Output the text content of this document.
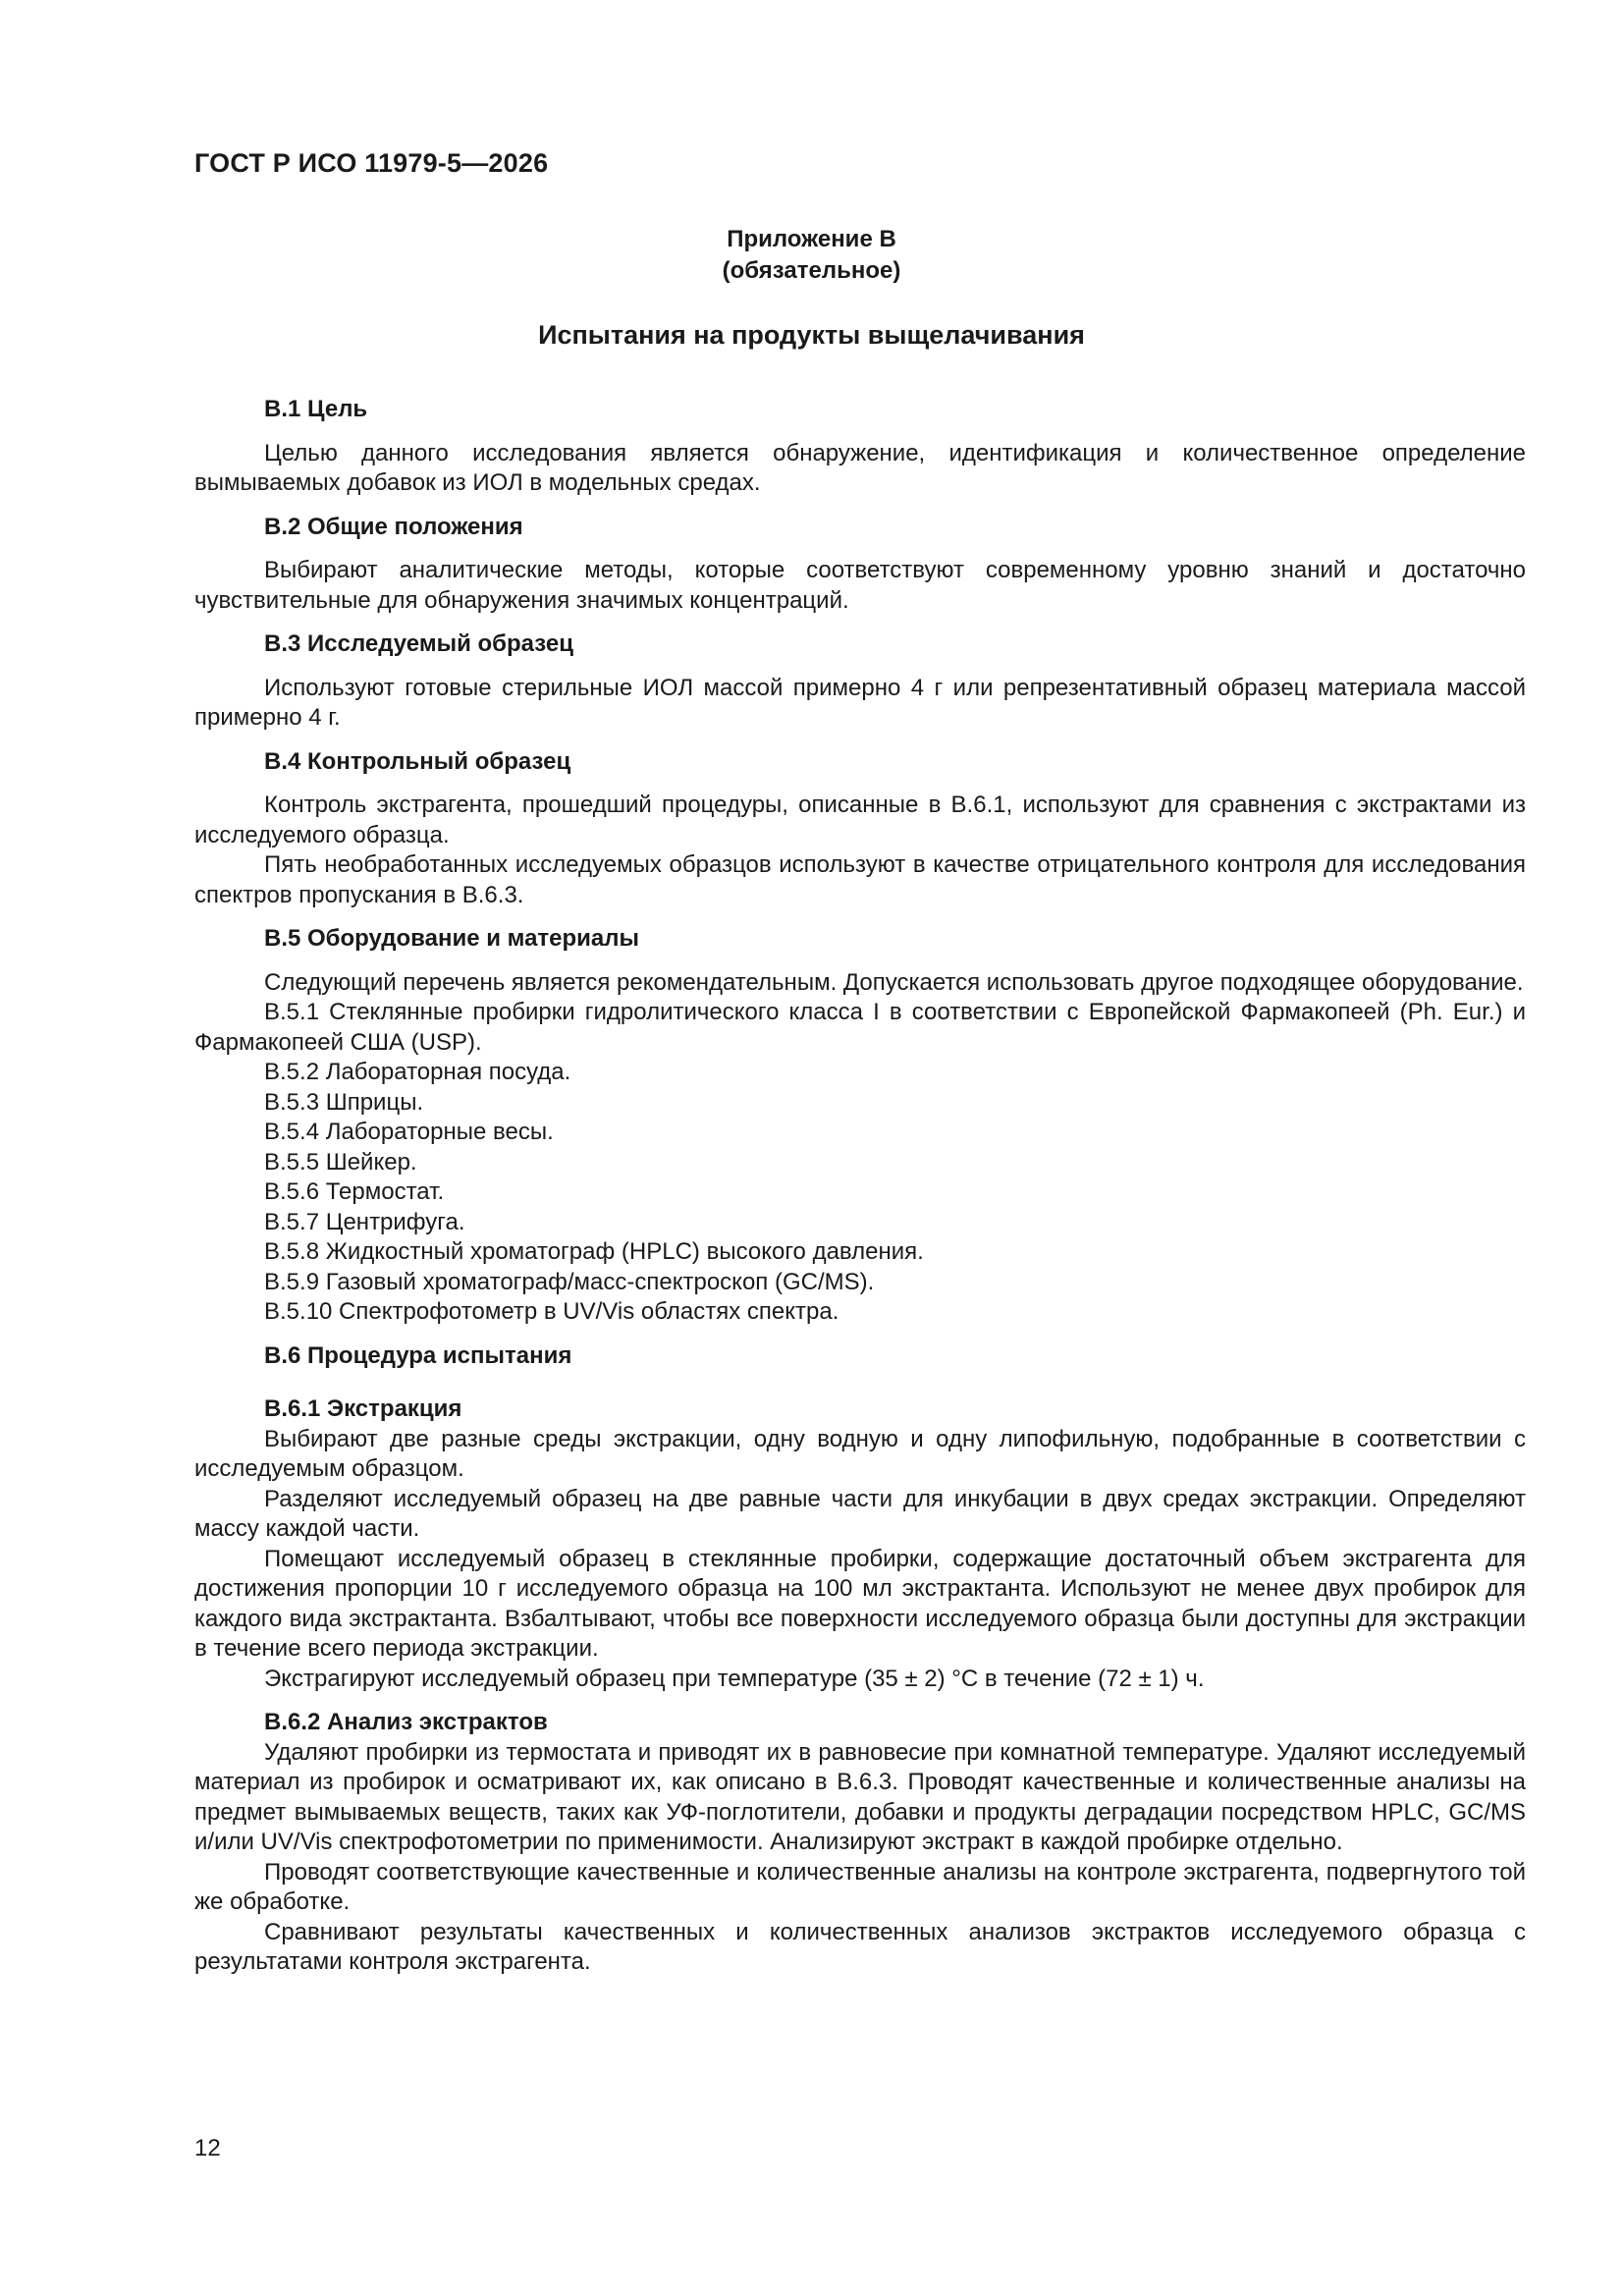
ГОСТ Р ИСО 11979-5—2026
Приложение В
(обязательное)
Испытания на продукты выщелачивания
В.1 Цель

Целью данного исследования является обнаружение, идентификация и количественное определение вымываемых добавок из ИОЛ в модельных средах.

В.2 Общие положения

Выбирают аналитические методы, которые соответствуют современному уровню знаний и достаточно чувствительные для обнаружения значимых концентраций.

В.3 Исследуемый образец

Используют готовые стерильные ИОЛ массой примерно 4 г или репрезентативный образец материала массой примерно 4 г.

В.4 Контрольный образец

Контроль экстрагента, прошедший процедуры, описанные в В.6.1, используют для сравнения с экстрактами из исследуемого образца.

Пять необработанных исследуемых образцов используют в качестве отрицательного контроля для исследования спектров пропускания в В.6.3.

В.5 Оборудование и материалы

Следующий перечень является рекомендательным. Допускается использовать другое подходящее оборудование.

В.5.1 Стеклянные пробирки гидролитического класса I в соответствии с Европейской Фармакопеей (Ph. Eur.) и Фармакопеей США (USP).

В.5.2 Лабораторная посуда.
В.5.3 Шприцы.
В.5.4 Лабораторные весы.
В.5.5 Шейкер.
В.5.6 Термостат.
В.5.7 Центрифуга.
В.5.8 Жидкостный хроматограф (HPLC) высокого давления.
В.5.9 Газовый хроматограф/масс-спектроскоп (GC/MS).
В.5.10 Спектрофотометр в UV/Vis областях спектра.
В.6 Процедура испытания
В.6.1 Экстракция

Выбирают две разные среды экстракции, одну водную и одну липофильную, подобранные в соответствии с исследуемым образцом.

Разделяют исследуемый образец на две равные части для инкубации в двух средах экстракции. Определяют массу каждой части.

Помещают исследуемый образец в стеклянные пробирки, содержащие достаточный объем экстрагента для достижения пропорции 10 г исследуемого образца на 100 мл экстрактанта. Используют не менее двух пробирок для каждого вида экстрактанта. Взбалтывают, чтобы все поверхности исследуемого образца были доступны для экстракции в течение всего периода экстракции.

Экстрагируют исследуемый образец при температуре (35 ± 2) °С в течение (72 ± 1) ч.

В.6.2 Анализ экстрактов

Удаляют пробирки из термостата и приводят их в равновесие при комнатной температуре. Удаляют исследуемый материал из пробирок и осматривают их, как описано в В.6.3. Проводят качественные и количественные анализы на предмет вымываемых веществ, таких как УФ-поглотители, добавки и продукты деградации посредством HPLC, GC/MS и/или UV/Vis спектрофотометрии по применимости. Анализируют экстракт в каждой пробирке отдельно.

Проводят соответствующие качественные и количественные анализы на контроле экстрагента, подвергнутого той же обработке.

Сравнивают результаты качественных и количественных анализов экстрактов исследуемого образца с результатами контроля экстрагента.

12
